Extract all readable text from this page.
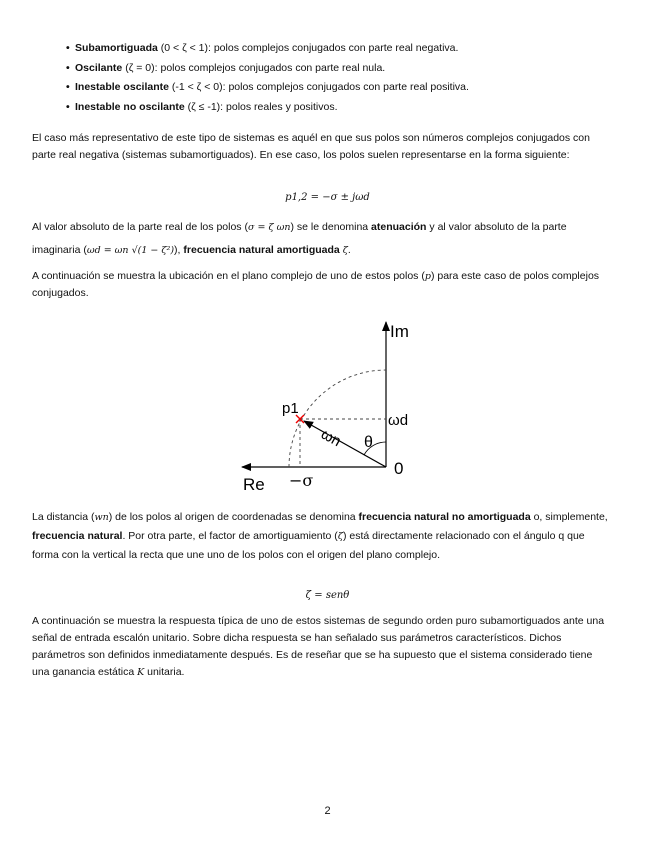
• Subamortiguada (0 < ζ < 1): polos complejos conjugados con parte real negativa.
• Oscilante (ζ = 0): polos complejos conjugados con parte real nula.
• Inestable oscilante (-1 < ζ < 0): polos complejos conjugados con parte real positiva.
• Inestable no oscilante (ζ ≤ -1): polos reales y positivos.
El caso más representativo de este tipo de sistemas es aquél en que sus polos son números complejos conjugados con parte real negativa (sistemas subamortiguados). En ese caso, los polos suelen representarse en la forma siguiente:
p1,2 = −σ ± jωd
Al valor absoluto de la parte real de los polos (σ = ζ ωn) se le denomina atenuación y al valor absoluto de la parte imaginaria (ωd = ωn √(1 − ζ²)), frecuencia natural amortiguada ζ.
A continuación se muestra la ubicación en el plano complejo de uno de estos polos (p) para este caso de polos complejos conjugados.
Im
Re
p1
ωn
ωd
θ
0
−σ
La distancia (wn) de los polos al origen de coordenadas se denomina frecuencia natural no amortiguada o, simplemente, frecuencia natural. Por otra parte, el factor de amortiguamiento (ζ) está directamente relacionado con el ángulo q que forma con la vertical la recta que une uno de los polos con el origen del plano complejo.
ζ = senθ
A continuación se muestra la respuesta típica de uno de estos sistemas de segundo orden puro subamortiguados ante una señal de entrada escalón unitario. Sobre dicha respuesta se han señalado sus parámetros característicos. Dichos parámetros son definidos inmediatamente después. Es de reseñar que se ha supuesto que el sistema considerado tiene una ganancia estática K unitaria.
2
